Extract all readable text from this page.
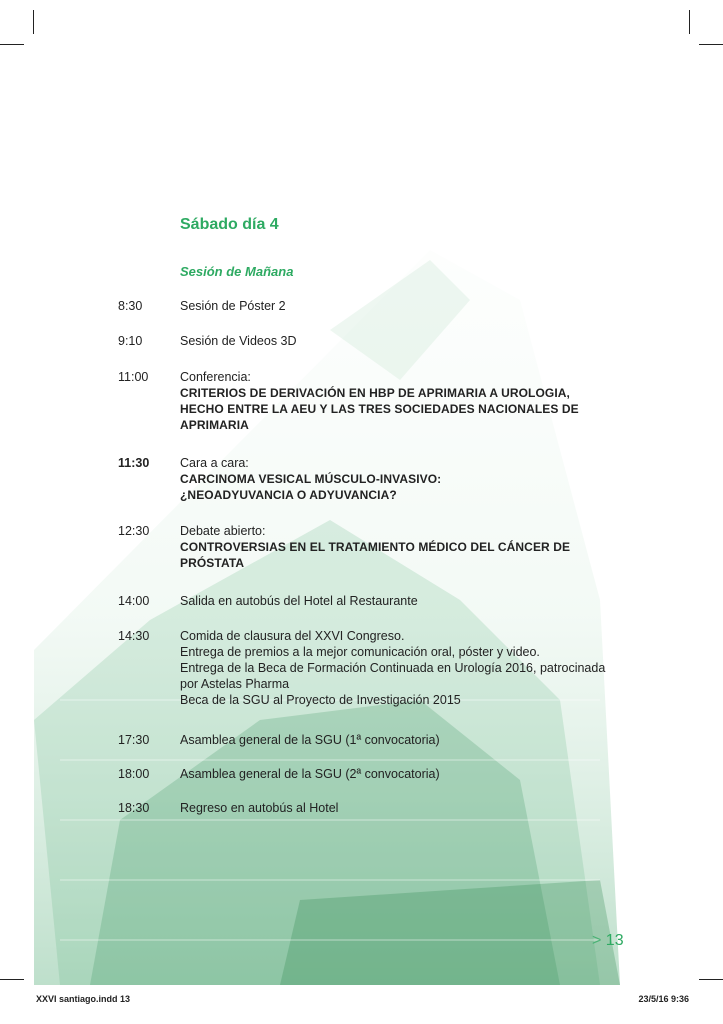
Sábado día 4
Sesión de Mañana
8:30	Sesión de Póster 2
9:10	Sesión de Videos 3D
11:00	Conferencia:
CRITERIOS DE DERIVACIÓN EN HBP DE APRIMARIA A UROLOGIA,
HECHO ENTRE LA AEU Y LAS TRES SOCIEDADES NACIONALES DE
APRIMARIA
11:30	Cara a cara:
CARCINOMA VESICAL MÚSCULO-INVASIVO:
¿NEOADYUVANCIA O ADYUVANCIA?
12:30	Debate abierto:
CONTROVERSIAS EN EL TRATAMIENTO MÉDICO DEL CÁNCER DE
PRÓSTATA
14:00	Salida en autobús del Hotel al Restaurante
14:30	Comida de clausura del XXVI Congreso.
Entrega de premios a la mejor comunicación oral, póster y video.
Entrega de la Beca de Formación Continuada en Urología 2016, patrocinada
por Astelas Pharma
Beca de la SGU al Proyecto de Investigación 2015
17:30	Asamblea general de la SGU (1ª convocatoria)
18:00	Asamblea general de la SGU (2ª convocatoria)
18:30	Regreso en autobús al Hotel
> 13
XXVI santiago.indd 13	23/5/16 9:36
